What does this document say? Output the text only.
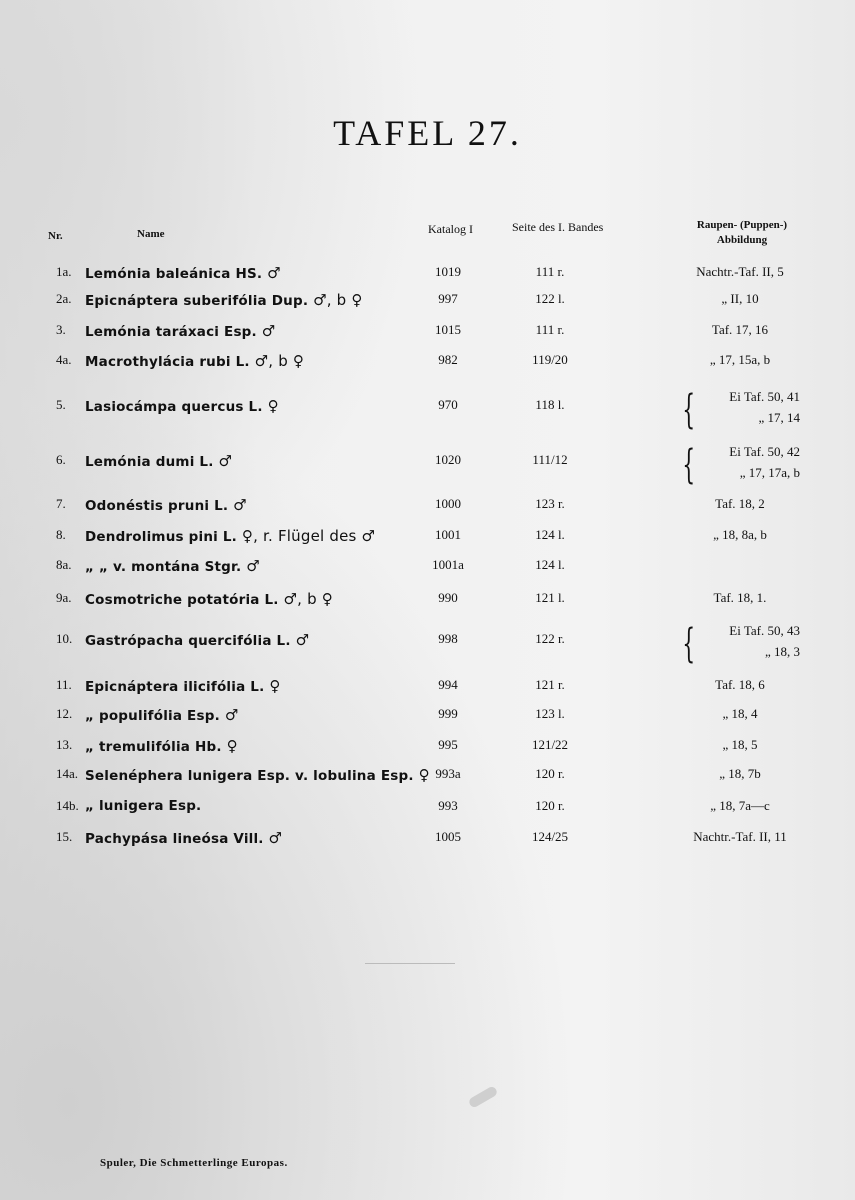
TAFEL 27.
Nr.	Name	Katalog I	Seite des I. Bandes	Raupen- (Puppen-)
Abbildung
1a. Lemónia baleánica HS. ♂	1019	111 r.	Nachtr.-Taf. II, 5
2a. Epicnáptera suberifólia Dup. ♂, b ♀	997	122 l.	„ II, 10
3. Lemónia taráxaci Esp. ♂	1015	111 r.	Taf. 17, 16
4a. Macrothylácia rubi L. ♂, b ♀	982	119/20	„ 17, 15a, b
5. Lasiocámpa quercus L. ♀	970	118 l.	{	Ei Taf. 50, 41
„ 17, 14
6. Lemónia dumi L. ♂	1020	111/12	{	Ei Taf. 50, 42
„ 17, 17a, b
7. Odonéstis pruni L. ♂	1000	123 r.	Taf. 18, 2
8. Dendrolimus pini L. ♀, r. Flügel des ♂	1001	124 l.	„ 18, 8a, b
8a. „ „ v. montána Stgr. ♂	1001a	124 l.
9a. Cosmotriche potatória L. ♂, b ♀	990	121 l.	Taf. 18, 1.
10. Gastrópacha quercifólia L. ♂	998	122 r.	{	Ei Taf. 50, 43
„ 18, 3
11. Epicnáptera ilicifólia L. ♀	994	121 r.	Taf. 18, 6
12. „ populifólia Esp. ♂	999	123 l.	„ 18, 4
13. „ tremulifólia Hb. ♀	995	121/22	„ 18, 5
14a. Selenéphera lunigera Esp. v. lobulina Esp. ♀ 993a	120 r.	„ 18, 7b
14b. „ lunigera Esp.	993	120 r.	„ 18, 7a—c
15. Pachypása lineósa Vill. ♂	1005	124/25	Nachtr.-Taf. II, 11
Spuler, Die Schmetterlinge Europas.
